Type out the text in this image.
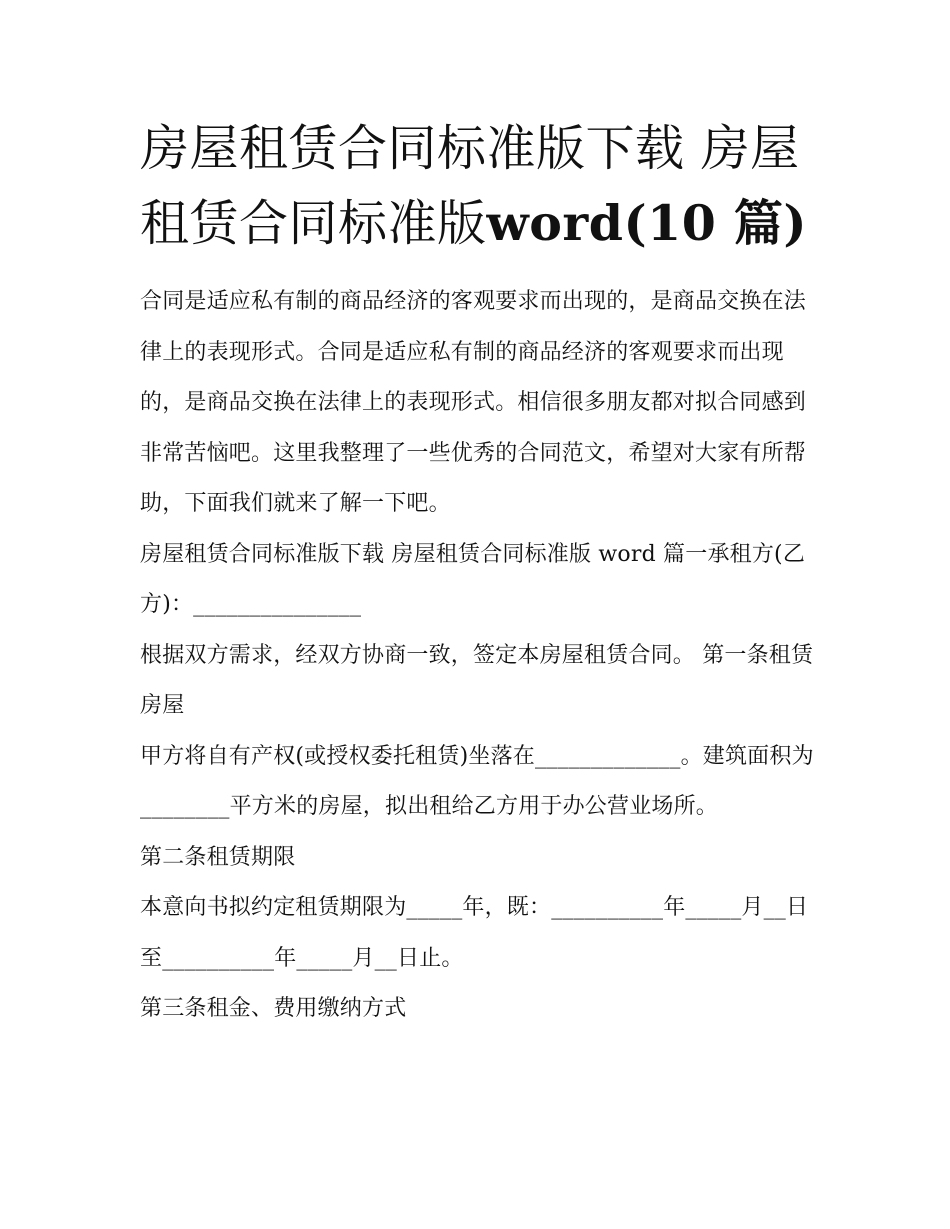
房屋租赁合同标准版下载 房屋租赁合同标准版word(10 篇)

合同是适应私有制的商品经济的客观要求而出现的，是商品交换在法律上的表现形式。合同是适应私有制的商品经济的客观要求而出现的，是商品交换在法律上的表现形式。相信很多朋友都对拟合同感到非常苦恼吧。这里我整理了一些优秀的合同范文，希望对大家有所帮助，下面我们就来了解一下吧。

房屋租赁合同标准版下载 房屋租赁合同标准版 word 篇一承租方(乙方)：_______________

根据双方需求，经双方协商一致，签定本房屋租赁合同。 第一条租赁房屋

甲方将自有产权(或授权委托租赁)坐落在_____________。建筑面积为________平方米的房屋，拟出租给乙方用于办公营业场所。

第二条租赁期限

本意向书拟约定租赁期限为_____年，既：__________年_____月__日至__________年_____月__日止。

第三条租金、费用缴纳方式
